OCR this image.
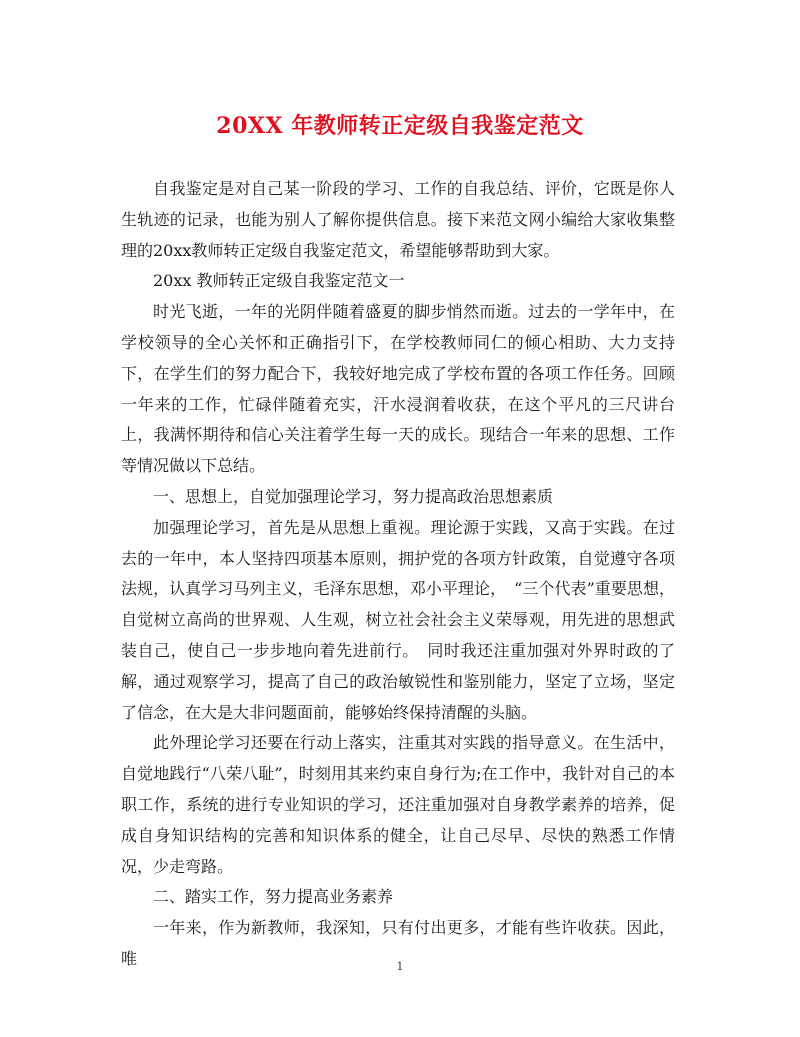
20XX 年教师转正定级自我鉴定范文

自我鉴定是对自己某一阶段的学习、工作的自我总结、评价，它既是你人生轨迹的记录，也能为别人了解你提供信息。接下来范文网小编给大家收集整理的20xx教师转正定级自我鉴定范文，希望能够帮助到大家。

20xx 教师转正定级自我鉴定范文一

时光飞逝，一年的光阴伴随着盛夏的脚步悄然而逝。过去的一学年中，在学校领导的全心关怀和正确指引下，在学校教师同仁的倾心相助、大力支持下，在学生们的努力配合下，我较好地完成了学校布置的各项工作任务。回顾一年来的工作，忙碌伴随着充实，汗水浸润着收获，在这个平凡的三尺讲台上，我满怀期待和信心关注着学生每一天的成长。现结合一年来的思想、工作等情况做以下总结。

一、思想上，自觉加强理论学习，努力提高政治思想素质

加强理论学习，首先是从思想上重视。理论源于实践，又高于实践。在过去的一年中，本人坚持四项基本原则，拥护党的各项方针政策，自觉遵守各项法规，认真学习马列主义，毛泽东思想，邓小平理论，　“三个代表”重要思想，自觉树立高尚的世界观、人生观，树立社会社会主义荣辱观，用先进的思想武装自己，使自己一步步地向着先进前行。　同时我还注重加强对外界时政的了解，通过观察学习，提高了自己的政治敏锐性和鉴别能力，坚定了立场，坚定了信念，在大是大非问题面前，能够始终保持清醒的头脑。

此外理论学习还要在行动上落实，注重其对实践的指导意义。在生活中，自觉地践行“八荣八耻”，时刻用其来约束自身行为;在工作中，我针对自己的本职工作，系统的进行专业知识的学习，还注重加强对自身教学素养的培养，促成自身知识结构的完善和知识体系的健全，让自己尽早、尽快的熟悉工作情况，少走弯路。

二、踏实工作，努力提高业务素养

一年来，作为新教师，我深知，只有付出更多，才能有些许收获。因此，唯	1
